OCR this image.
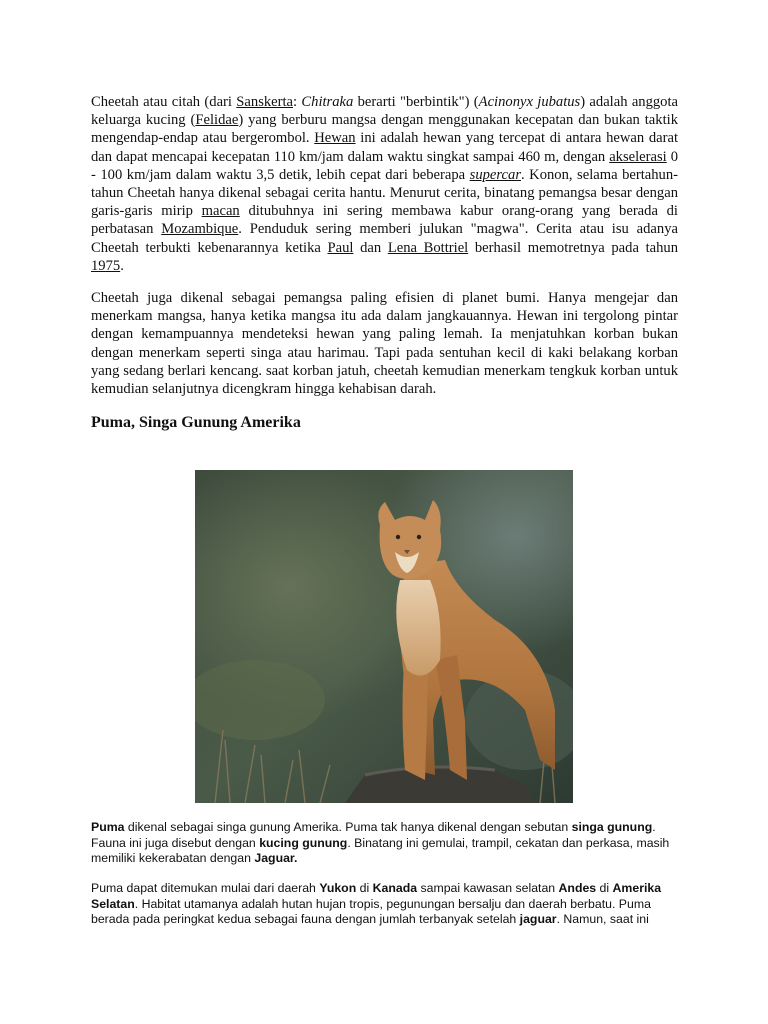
Cheetah atau citah (dari Sanskerta: Chitraka berarti "berbintik") (Acinonyx jubatus) adalah anggota keluarga kucing (Felidae) yang berburu mangsa dengan menggunakan kecepatan dan bukan taktik mengendap-endap atau bergerombol. Hewan ini adalah hewan yang tercepat di antara hewan darat dan dapat mencapai kecepatan 110 km/jam dalam waktu singkat sampai 460 m, dengan akselerasi 0 - 100 km/jam dalam waktu 3,5 detik, lebih cepat dari beberapa supercar. Konon, selama bertahun-tahun Cheetah hanya dikenal sebagai cerita hantu. Menurut cerita, binatang pemangsa besar dengan garis-garis mirip macan ditubuhnya ini sering membawa kabur orang-orang yang berada di perbatasan Mozambique. Penduduk sering memberi julukan "magwa". Cerita atau isu adanya Cheetah terbukti kebenarannya ketika Paul dan Lena Bottriel berhasil memotretnya pada tahun 1975.

Cheetah juga dikenal sebagai pemangsa paling efisien di planet bumi. Hanya mengejar dan menerkam mangsa, hanya ketika mangsa itu ada dalam jangkauannya. Hewan ini tergolong pintar dengan kemampuannya mendeteksi hewan yang paling lemah. Ia menjatuhkan korban bukan dengan menerkam seperti singa atau harimau. Tapi pada sentuhan kecil di kaki belakang korban yang sedang berlari kencang. saat korban jatuh, cheetah kemudian menerkam tengkuk korban untuk kemudian selanjutnya dicengkram hingga kehabisan darah.

Puma, Singa Gunung Amerika

Puma dikenal sebagai singa gunung Amerika. Puma tak hanya dikenal dengan sebutan singa gunung. Fauna ini juga disebut dengan kucing gunung. Binatang ini gemulai, trampil, cekatan dan perkasa, masih memiliki kekerabatan dengan Jaguar.

Puma dapat ditemukan mulai dari daerah Yukon di Kanada sampai kawasan selatan Andes di Amerika Selatan. Habitat utamanya adalah hutan hujan tropis, pegunungan bersalju dan daerah berbatu. Puma berada pada peringkat kedua sebagai fauna dengan jumlah terbanyak setelah jaguar. Namun, saat ini
